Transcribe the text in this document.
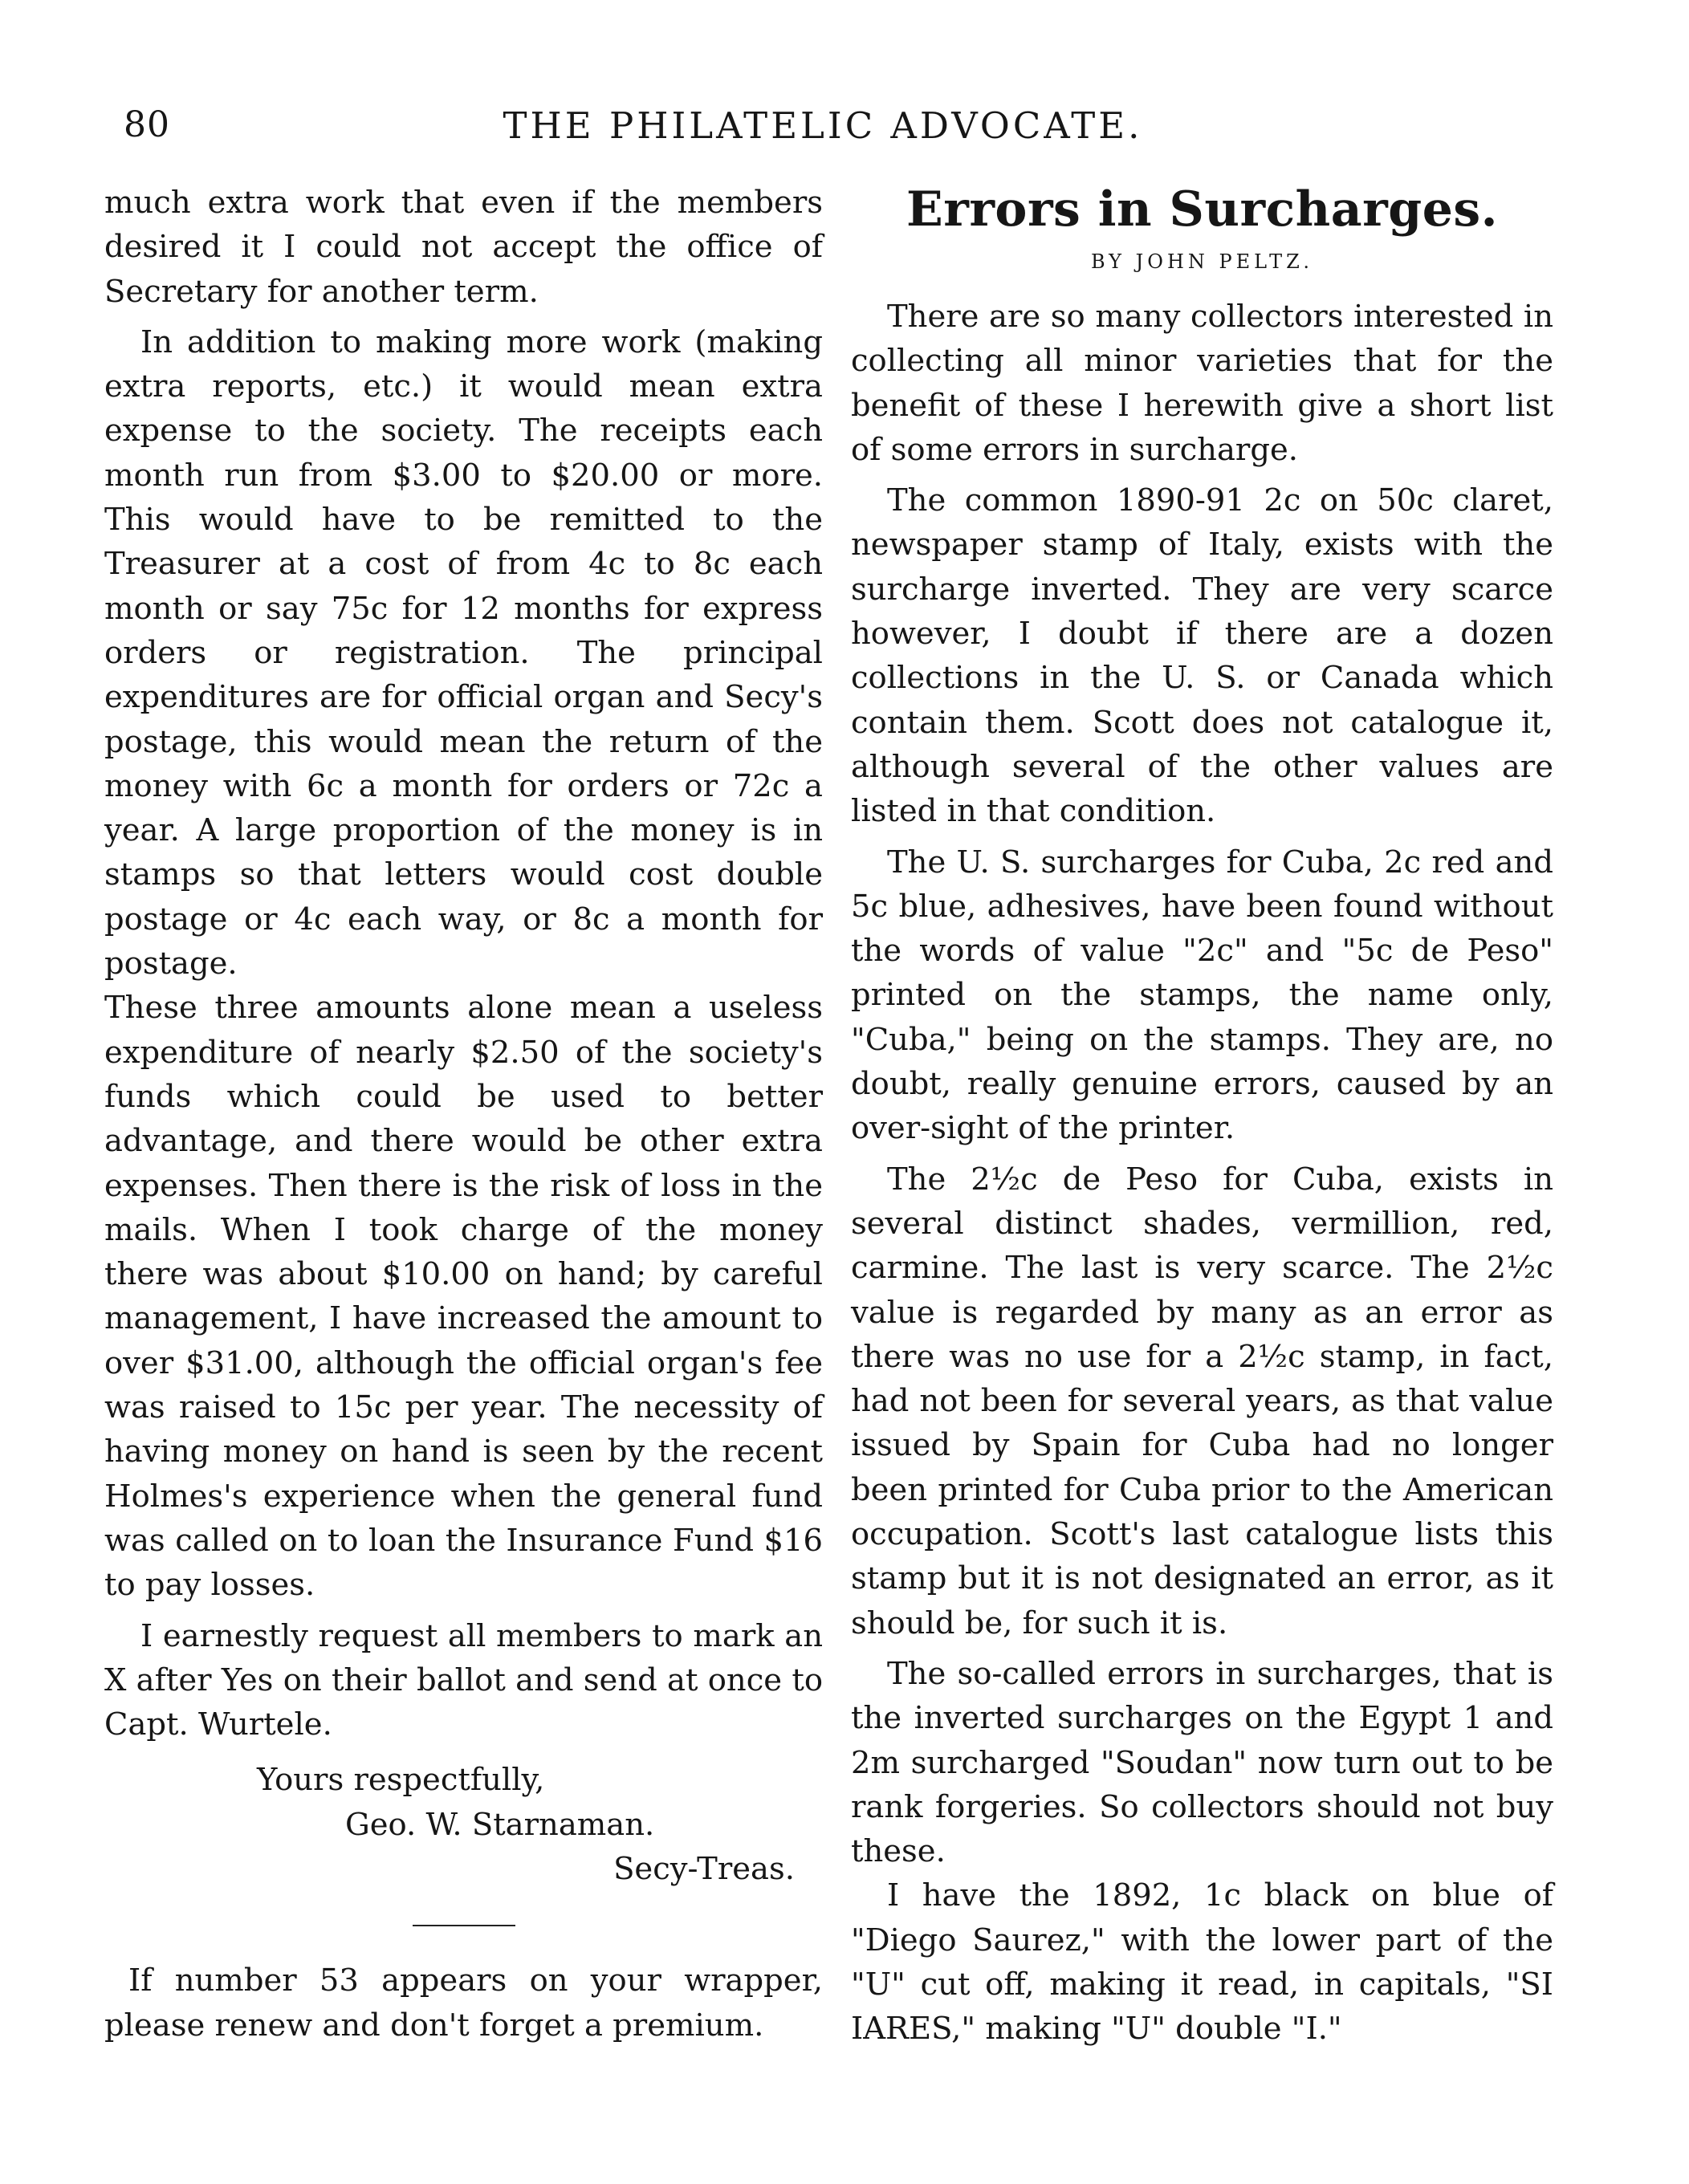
80	THE PHILATELIC ADVOCATE.

much extra work that even if the members desired it I could not accept the office of Secretary for another term.

In addition to making more work (making extra reports, etc.) it would mean extra expense to the society. The receipts each month run from $3.00 to $20.00 or more. This would have to be remitted to the Treasurer at a cost of from 4c to 8c each month or say 75c for 12 months for express orders or registration. The principal expenditures are for official organ and Secy's postage, this would mean the return of the money with 6c a month for orders or 72c a year. A large proportion of the money is in stamps so that letters would cost double postage or 4c each way, or 8c a month for postage.

These three amounts alone mean a useless expenditure of nearly $2.50 of the society's funds which could be used to better advantage, and there would be other extra expenses. Then there is the risk of loss in the mails. When I took charge of the money there was about $10.00 on hand; by careful management, I have increased the amount to over $31.00, although the official organ's fee was raised to 15c per year. The necessity of having money on hand is seen by the recent Holmes's experience when the general fund was called on to loan the Insurance Fund $16 to pay losses.

I earnestly request all members to mark an X after Yes on their ballot and send at once to Capt. Wurtele.

Yours respectfully,

Geo. W. Starnaman.

Secy-Treas.

If number 53 appears on your wrapper, please renew and don't forget a premium.

Errors in Surcharges.

BY JOHN PELTZ.

There are so many collectors interested in collecting all minor varieties that for the benefit of these I herewith give a short list of some errors in surcharge.

The common 1890-91 2c on 50c claret, newspaper stamp of Italy, exists with the surcharge inverted. They are very scarce however, I doubt if there are a dozen collections in the U. S. or Canada which contain them. Scott does not catalogue it, although several of the other values are listed in that condition.

The U. S. surcharges for Cuba, 2c red and 5c blue, adhesives, have been found without the words of value "2c" and "5c de Peso" printed on the stamps, the name only, "Cuba," being on the stamps. They are, no doubt, really genuine errors, caused by an over-sight of the printer.

The 2½c de Peso for Cuba, exists in several distinct shades, vermillion, red, carmine. The last is very scarce. The 2½c value is regarded by many as an error as there was no use for a 2½c stamp, in fact, had not been for several years, as that value issued by Spain for Cuba had no longer been printed for Cuba prior to the American occupation. Scott's last catalogue lists this stamp but it is not designated an error, as it should be, for such it is.

The so-called errors in surcharges, that is the inverted surcharges on the Egypt 1 and 2m surcharged "Soudan" now turn out to be rank forgeries. So collectors should not buy these.

I have the 1892, 1c black on blue of "Diego Saurez," with the lower part of the "U" cut off, making it read, in capitals, "SI IARES," making "U" double "I."
